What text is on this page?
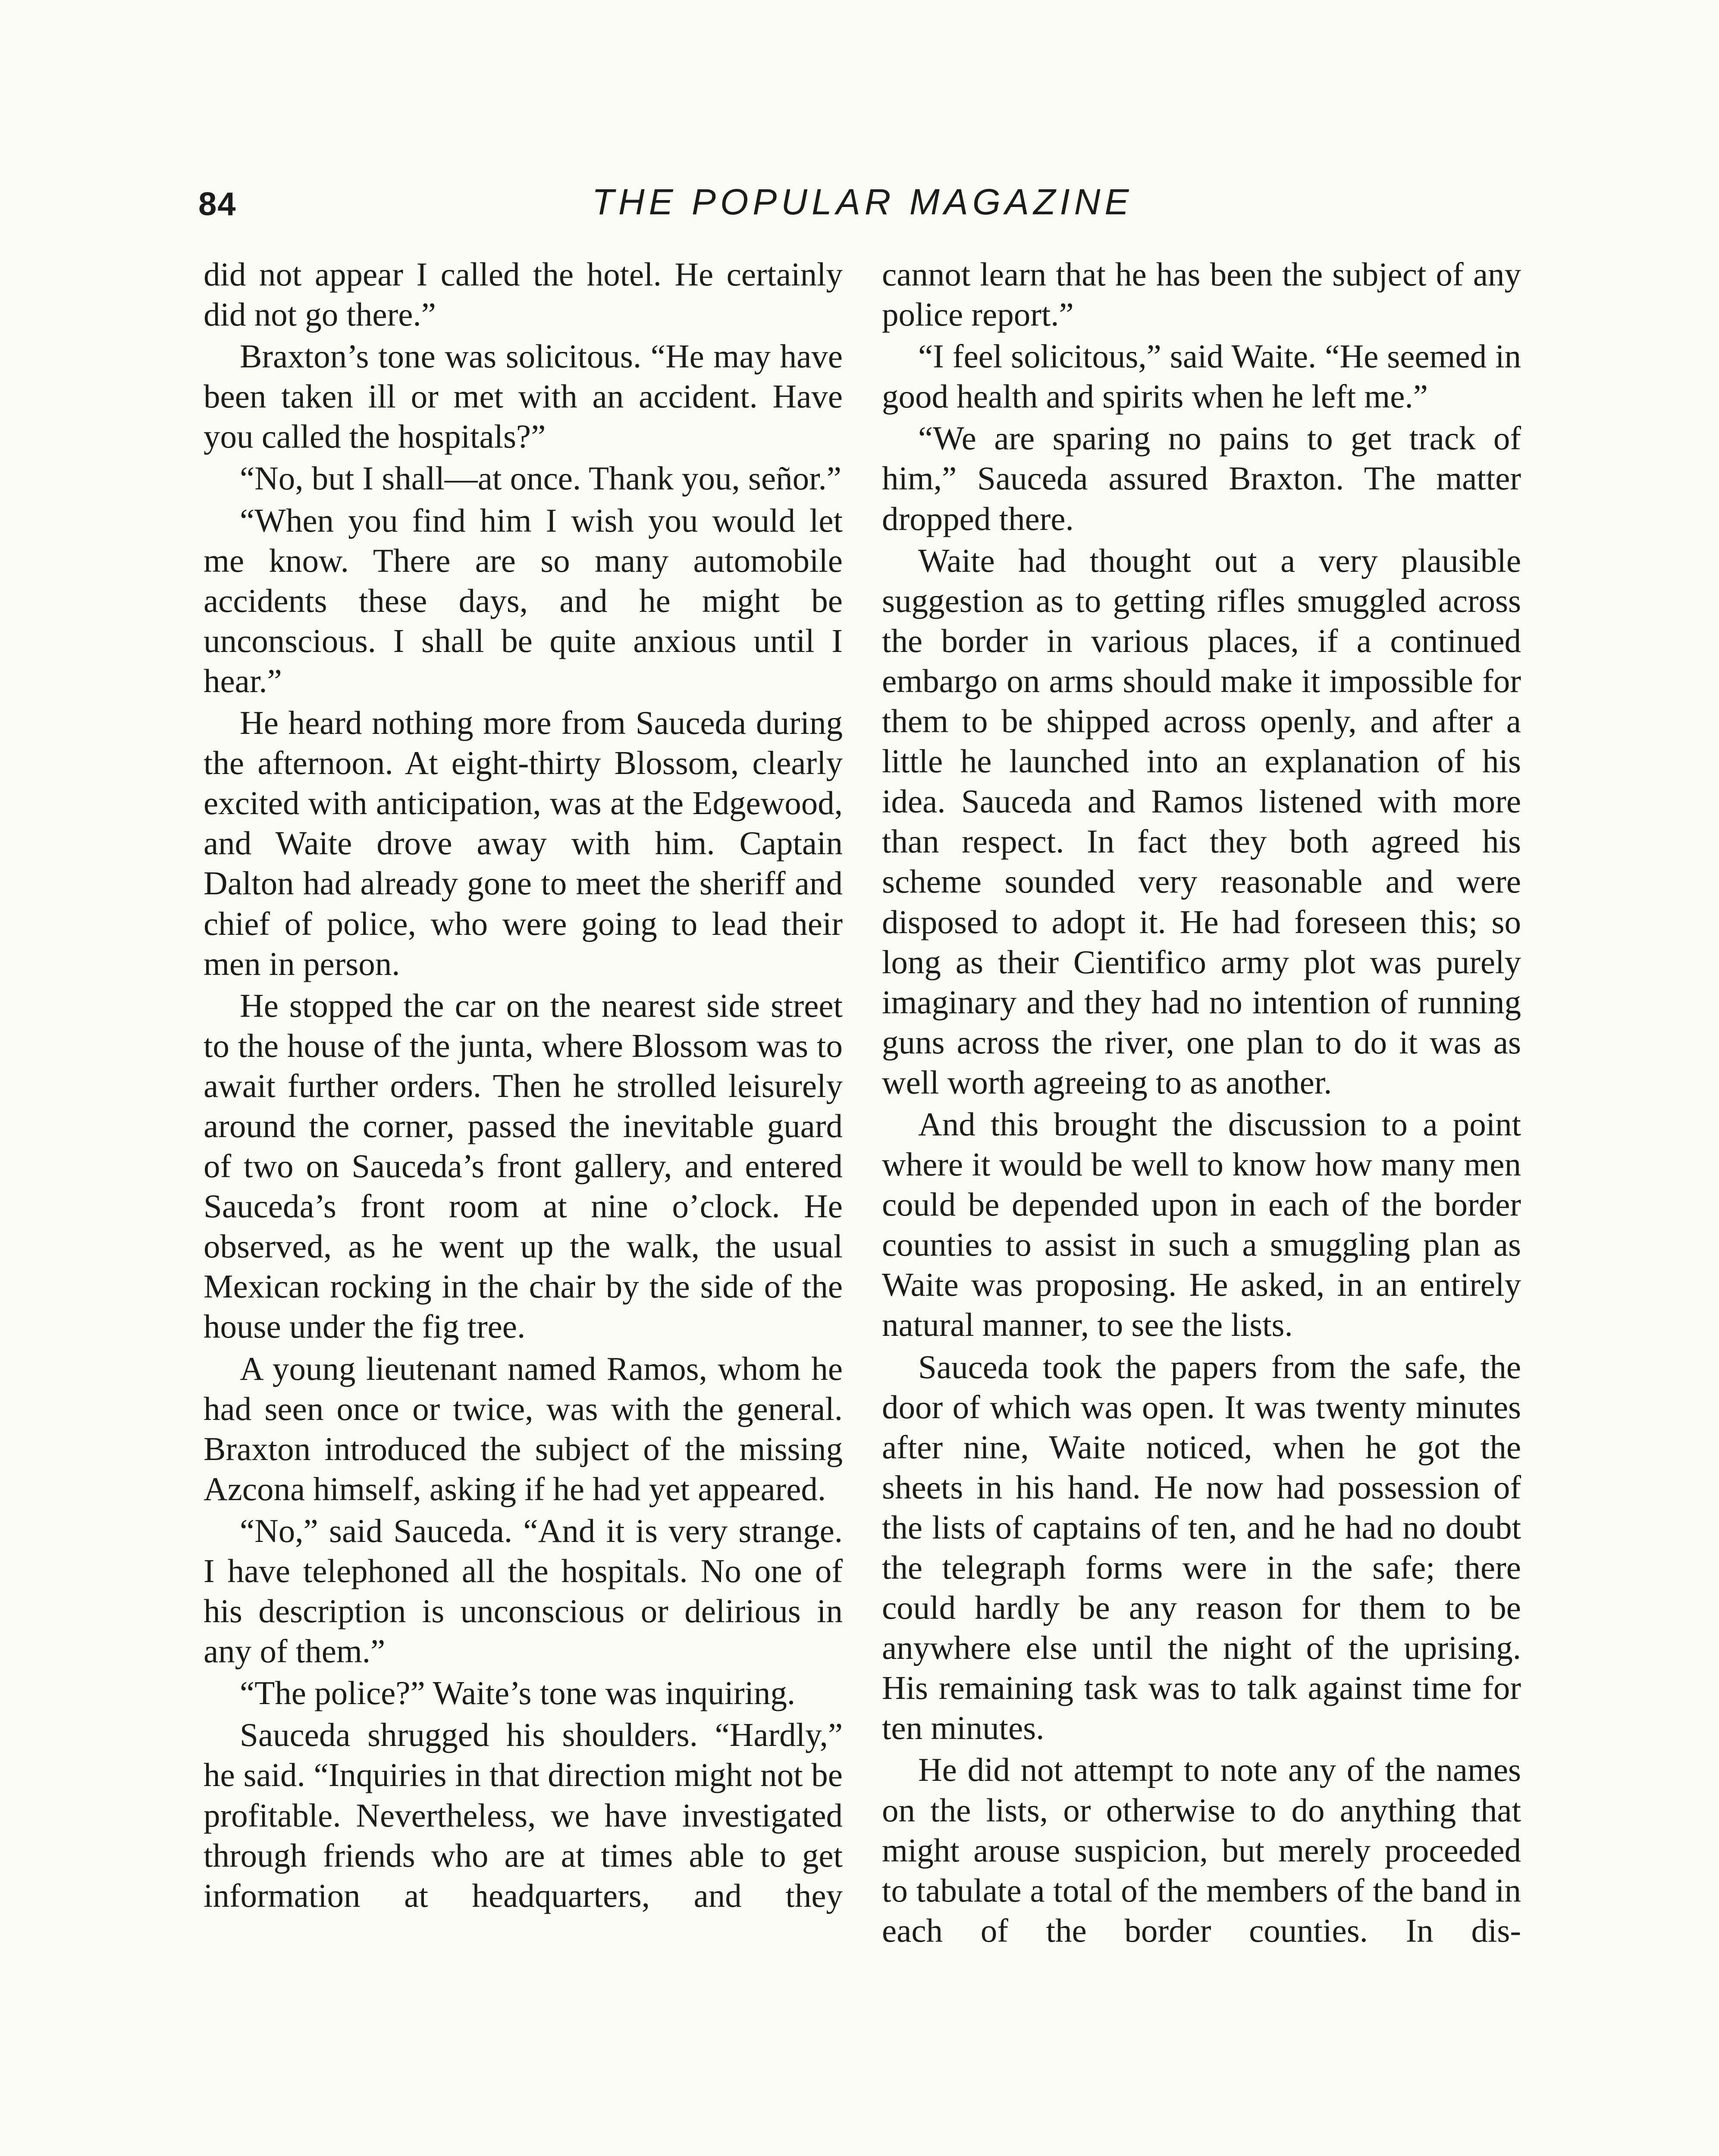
84	THE POPULAR MAGAZINE

did not appear I called the hotel. He certainly did not go there.”

Braxton’s tone was solicitous. “He may have been taken ill or met with an accident. Have you called the hospitals?”

“No, but I shall—at once. Thank you, señor.”

“When you find him I wish you would let me know. There are so many automobile accidents these days, and he might be unconscious. I shall be quite anxious until I hear.”

He heard nothing more from Sauceda during the afternoon. At eight-thirty Blossom, clearly excited with anticipation, was at the Edgewood, and Waite drove away with him. Captain Dalton had already gone to meet the sheriff and chief of police, who were going to lead their men in person.

He stopped the car on the nearest side street to the house of the junta, where Blossom was to await further orders. Then he strolled leisurely around the corner, passed the inevitable guard of two on Sauceda’s front gallery, and entered Sauceda’s front room at nine o’clock. He observed, as he went up the walk, the usual Mexican rocking in the chair by the side of the house under the fig tree.

A young lieutenant named Ramos, whom he had seen once or twice, was with the general. Braxton introduced the subject of the missing Azcona himself, asking if he had yet appeared.

“No,” said Sauceda. “And it is very strange. I have telephoned all the hospitals. No one of his description is unconscious or delirious in any of them.”

“The police?” Waite’s tone was inquiring.

Sauceda shrugged his shoulders. “Hardly,” he said. “Inquiries in that direction might not be profitable. Nevertheless, we have investigated through friends who are at times able to get information at headquarters, and they

cannot learn that he has been the subject of any police report.”

“I feel solicitous,” said Waite. “He seemed in good health and spirits when he left me.”

“We are sparing no pains to get track of him,” Sauceda assured Braxton. The matter dropped there.

Waite had thought out a very plausible suggestion as to getting rifles smuggled across the border in various places, if a continued embargo on arms should make it impossible for them to be shipped across openly, and after a little he launched into an explanation of his idea. Sauceda and Ramos listened with more than respect. In fact they both agreed his scheme sounded very reasonable and were disposed to adopt it. He had foreseen this; so long as their Cientifico army plot was purely imaginary and they had no intention of running guns across the river, one plan to do it was as well worth agreeing to as another.

And this brought the discussion to a point where it would be well to know how many men could be depended upon in each of the border counties to assist in such a smuggling plan as Waite was proposing. He asked, in an entirely natural manner, to see the lists.

Sauceda took the papers from the safe, the door of which was open. It was twenty minutes after nine, Waite noticed, when he got the sheets in his hand. He now had possession of the lists of captains of ten, and he had no doubt the telegraph forms were in the safe; there could hardly be any reason for them to be anywhere else until the night of the uprising. His remaining task was to talk against time for ten minutes.

He did not attempt to note any of the names on the lists, or otherwise to do anything that might arouse suspicion, but merely proceeded to tabulate a total of the members of the band in each of the border counties. In dis-
